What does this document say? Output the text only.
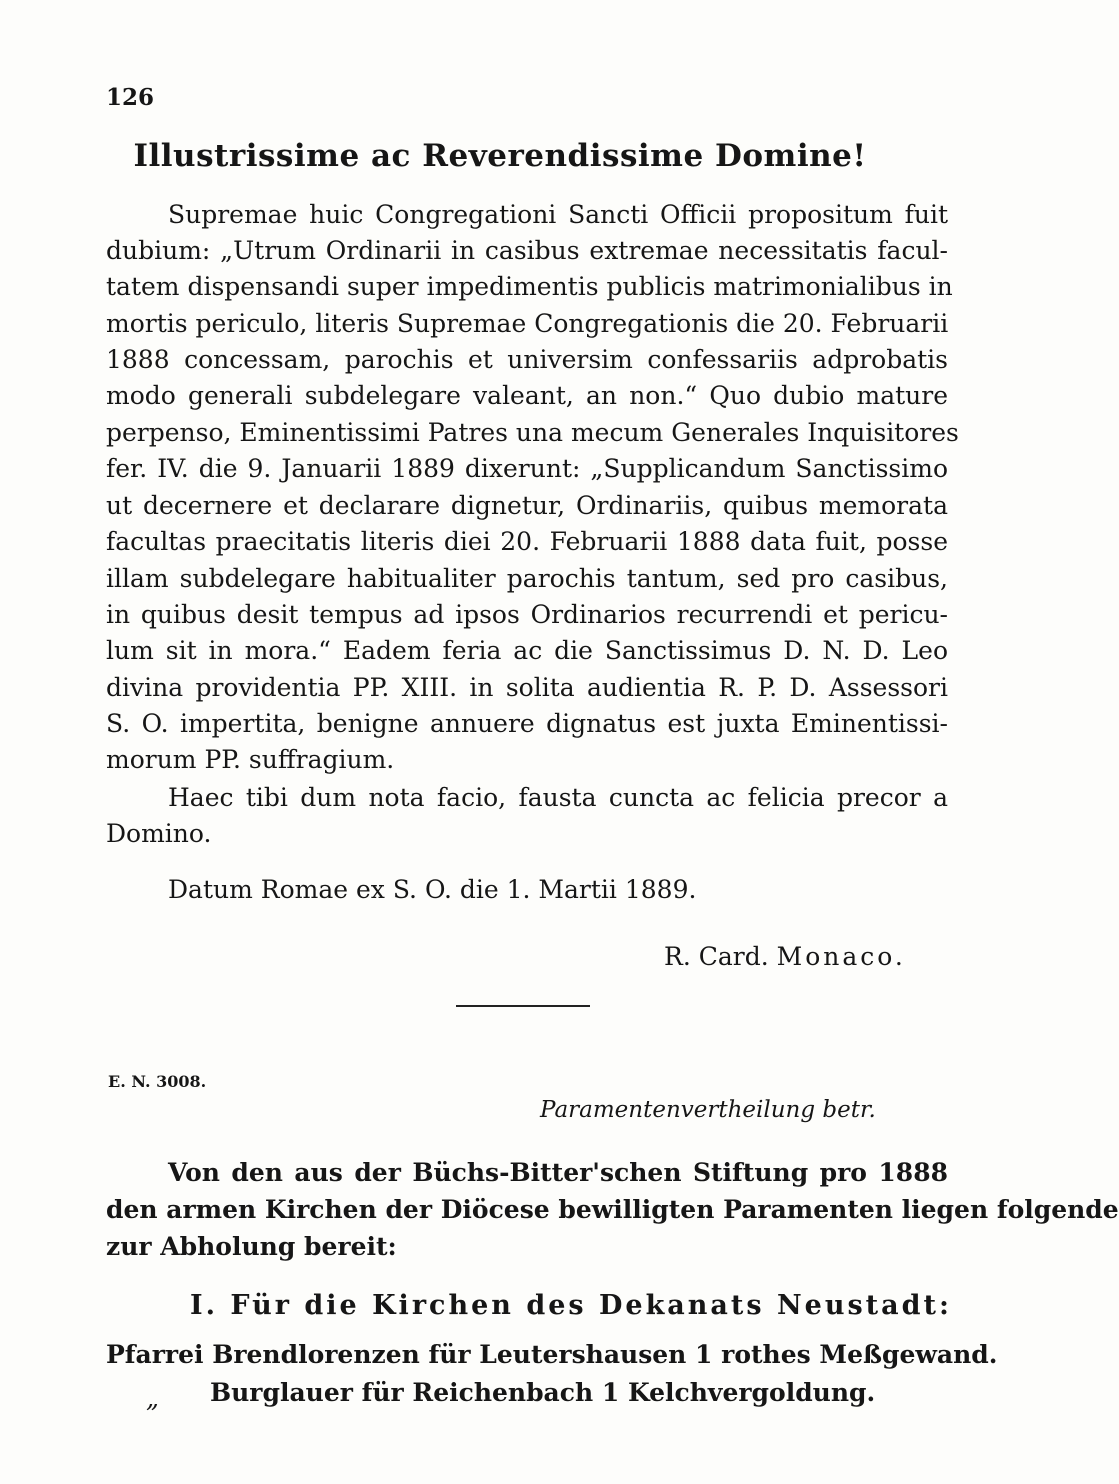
126
Illustrissime ac Reverendissime Domine!
Supremae huic Congregationi Sancti Officii propositum fuit
dubium: „Utrum Ordinarii in casibus extremae necessitatis facul-
tatem dispensandi super impedimentis publicis matrimonialibus in
mortis periculo, literis Supremae Congregationis die 20. Februarii
1888 concessam, parochis et universim confessariis adprobatis
modo generali subdelegare valeant, an non.“ Quo dubio mature
perpenso, Eminentissimi Patres una mecum Generales Inquisitores
fer. IV. die 9. Januarii 1889 dixerunt: „Supplicandum Sanctissimo
ut decernere et declarare dignetur, Ordinariis, quibus memorata
facultas praecitatis literis diei 20. Februarii 1888 data fuit, posse
illam subdelegare habitualiter parochis tantum, sed pro casibus,
in quibus desit tempus ad ipsos Ordinarios recurrendi et pericu-
lum sit in mora.“ Eadem feria ac die Sanctissimus D. N. D. Leo
divina providentia PP. XIII. in solita audientia R. P. D. Assessori
S. O. impertita, benigne annuere dignatus est juxta Eminentissi-
morum PP. suffragium.
Haec tibi dum nota facio, fausta cuncta ac felicia precor a
Domino.
Datum Romae ex S. O. die 1. Martii 1889.
R. Card. Monaco.
E. N. 3008.
Paramentenvertheilung betr.
Von den aus der Büchs-Bitter'schen Stiftung pro 1888
den armen Kirchen der Diöcese bewilligten Paramenten liegen folgende
zur Abholung bereit:
I. Für die Kirchen des Dekanats Neustadt:
Pfarrei Brendlorenzen für Leutershausen 1 rothes Meßgewand.
„ Burglauer für Reichenbach 1 Kelchvergoldung.
